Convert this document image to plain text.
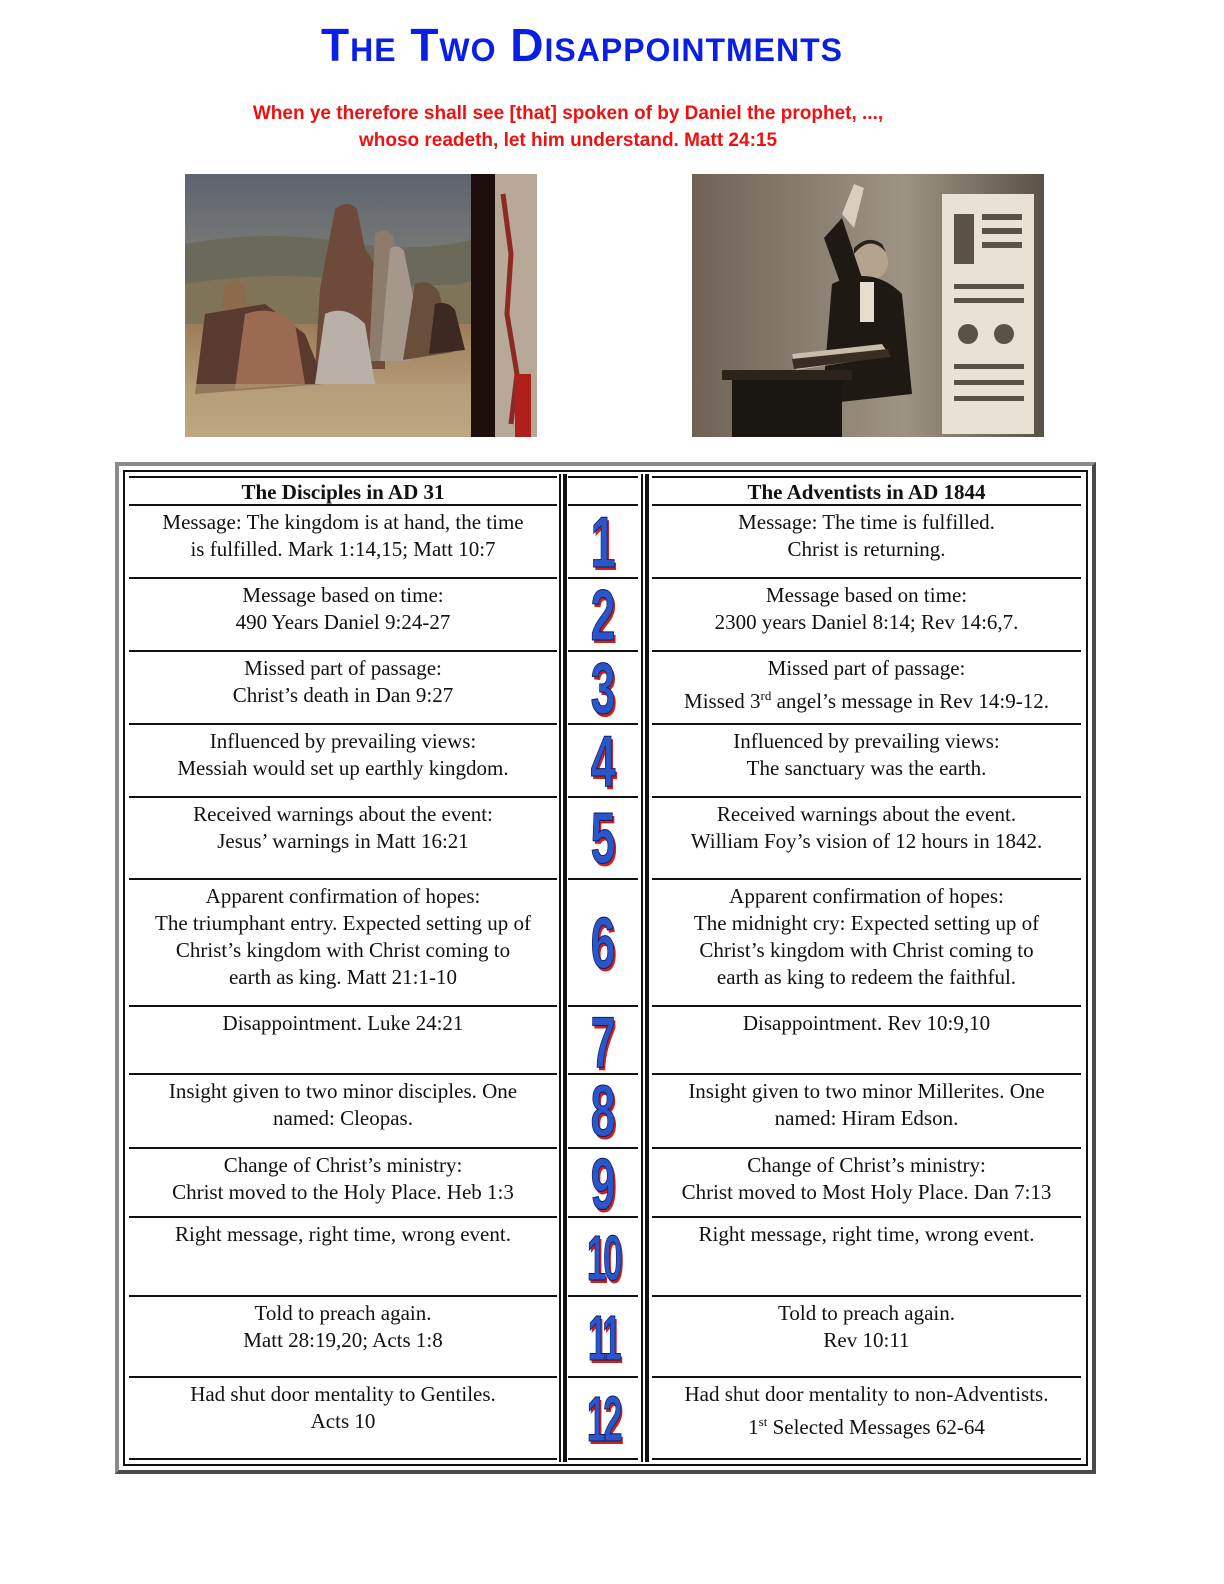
The Two Disappointments
When ye therefore shall see [that] spoken of by Daniel the prophet, ...,
whoso readeth, let him understand. Matt 24:15
The Disciples in AD 31
Message: The kingdom is at hand, the time
is fulfilled. Mark 1:14,15; Matt 10:7
Message based on time:
490 Years Daniel 9:24-27
Missed part of passage:
Christ’s death in Dan 9:27
Influenced by prevailing views:
Messiah would set up earthly kingdom.
Received warnings about the event:
Jesus’ warnings in Matt 16:21
Apparent confirmation of hopes:
The triumphant entry. Expected setting up of
Christ’s kingdom with Christ coming to
earth as king. Matt 21:1-10
Disappointment. Luke 24:21
Insight given to two minor disciples. One
named: Cleopas.
Change of Christ’s ministry:
Christ moved to the Holy Place. Heb 1:3
Right message, right time, wrong event.
Told to preach again.
Matt 28:19,20; Acts 1:8
Had shut door mentality to Gentiles.
Acts 10
1
2
3
4
5
6
7
8
9
10
11
12
The Adventists in AD 1844
Message: The time is fulfilled.
Christ is returning.
Message based on time:
2300 years Daniel 8:14; Rev 14:6,7.
Missed part of passage:
Missed 3rd angel’s message in Rev 14:9-12.
Influenced by prevailing views:
The sanctuary was the earth.
Received warnings about the event.
William Foy’s vision of 12 hours in 1842.
Apparent confirmation of hopes:
The midnight cry: Expected setting up of
Christ’s kingdom with Christ coming to
earth as king to redeem the faithful.
Disappointment. Rev 10:9,10
Insight given to two minor Millerites. One
named: Hiram Edson.
Change of Christ’s ministry:
Christ moved to Most Holy Place. Dan 7:13
Right message, right time, wrong event.
Told to preach again.
Rev 10:11
Had shut door mentality to non-Adventists.
1st Selected Messages 62-64
